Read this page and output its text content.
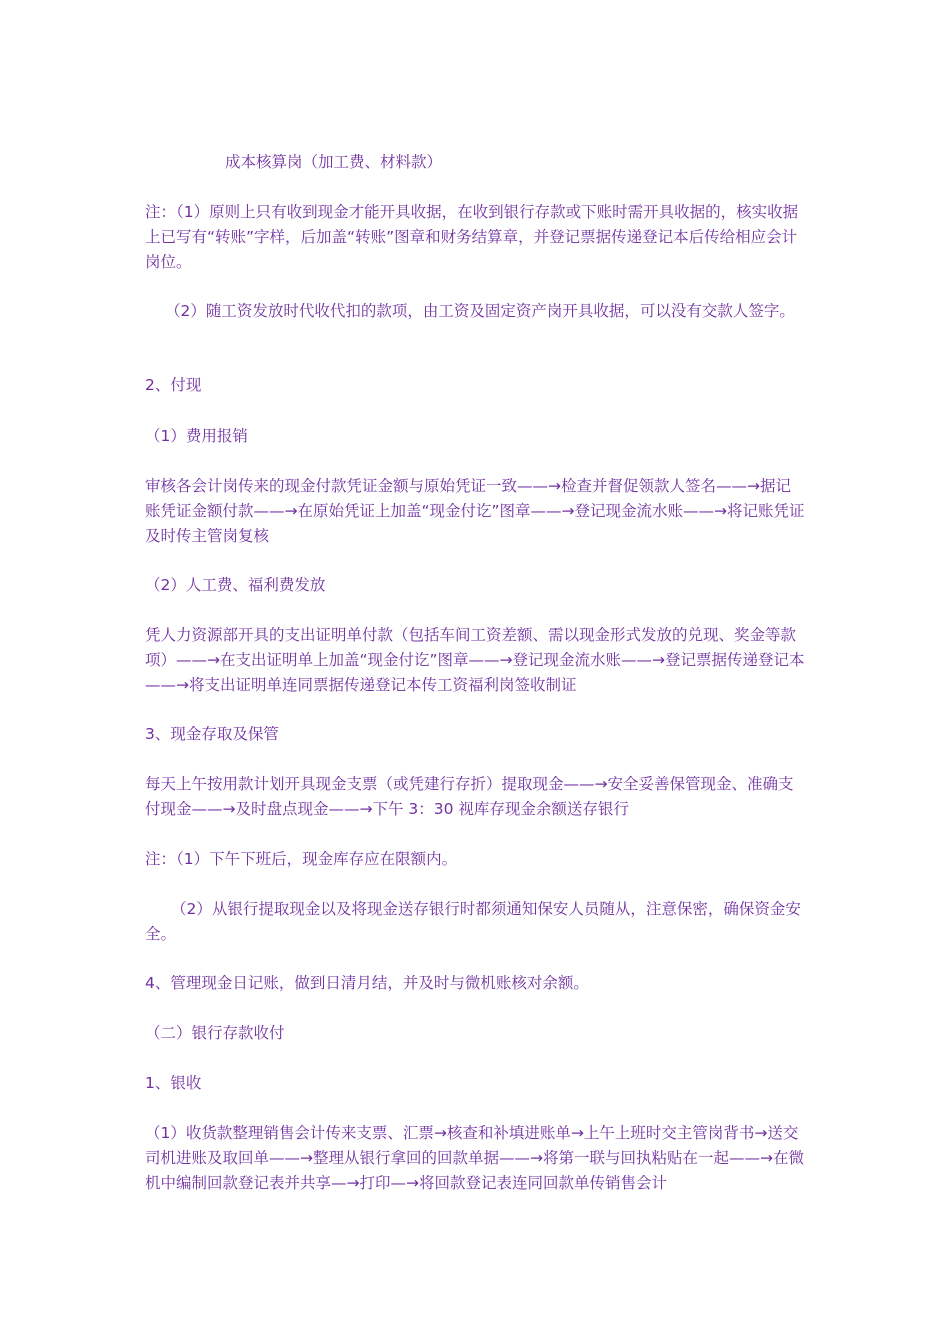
成本核算岗（加工费、材料款）

注：（1）原则上只有收到现金才能开具收据，在收到银行存款或下账时需开具收据的，核实收据上已写有“转账”字样，后加盖“转账”图章和财务结算章，并登记票据传递登记本后传给相应会计岗位。

（2）随工资发放时代收代扣的款项，由工资及固定资产岗开具收据，可以没有交款人签字。

2、付现

（1）费用报销

审核各会计岗传来的现金付款凭证金额与原始凭证一致——→检查并督促领款人签名——→据记账凭证金额付款——→在原始凭证上加盖“现金付讫”图章——→登记现金流水账——→将记账凭证及时传主管岗复核

（2）人工费、福利费发放

凭人力资源部开具的支出证明单付款（包括车间工资差额、需以现金形式发放的兑现、奖金等款项）——→在支出证明单上加盖“现金付讫”图章——→登记现金流水账——→登记票据传递登记本——→将支出证明单连同票据传递登记本传工资福利岗签收制证

3、现金存取及保管

每天上午按用款计划开具现金支票（或凭建行存折）提取现金——→安全妥善保管现金、准确支付现金——→及时盘点现金——→下午 3：30 视库存现金余额送存银行

注：（1）下午下班后，现金库存应在限额内。

（2）从银行提取现金以及将现金送存银行时都须通知保安人员随从，注意保密，确保资金安全。

4、管理现金日记账，做到日清月结，并及时与微机账核对余额。

（二）银行存款收付

1、银收

（1）收货款整理销售会计传来支票、汇票→核查和补填进账单→上午上班时交主管岗背书→送交司机进账及取回单——→整理从银行拿回的回款单据——→将第一联与回执粘贴在一起——→在微机中编制回款登记表并共享—→打印—→将回款登记表连同回款单传销售会计
